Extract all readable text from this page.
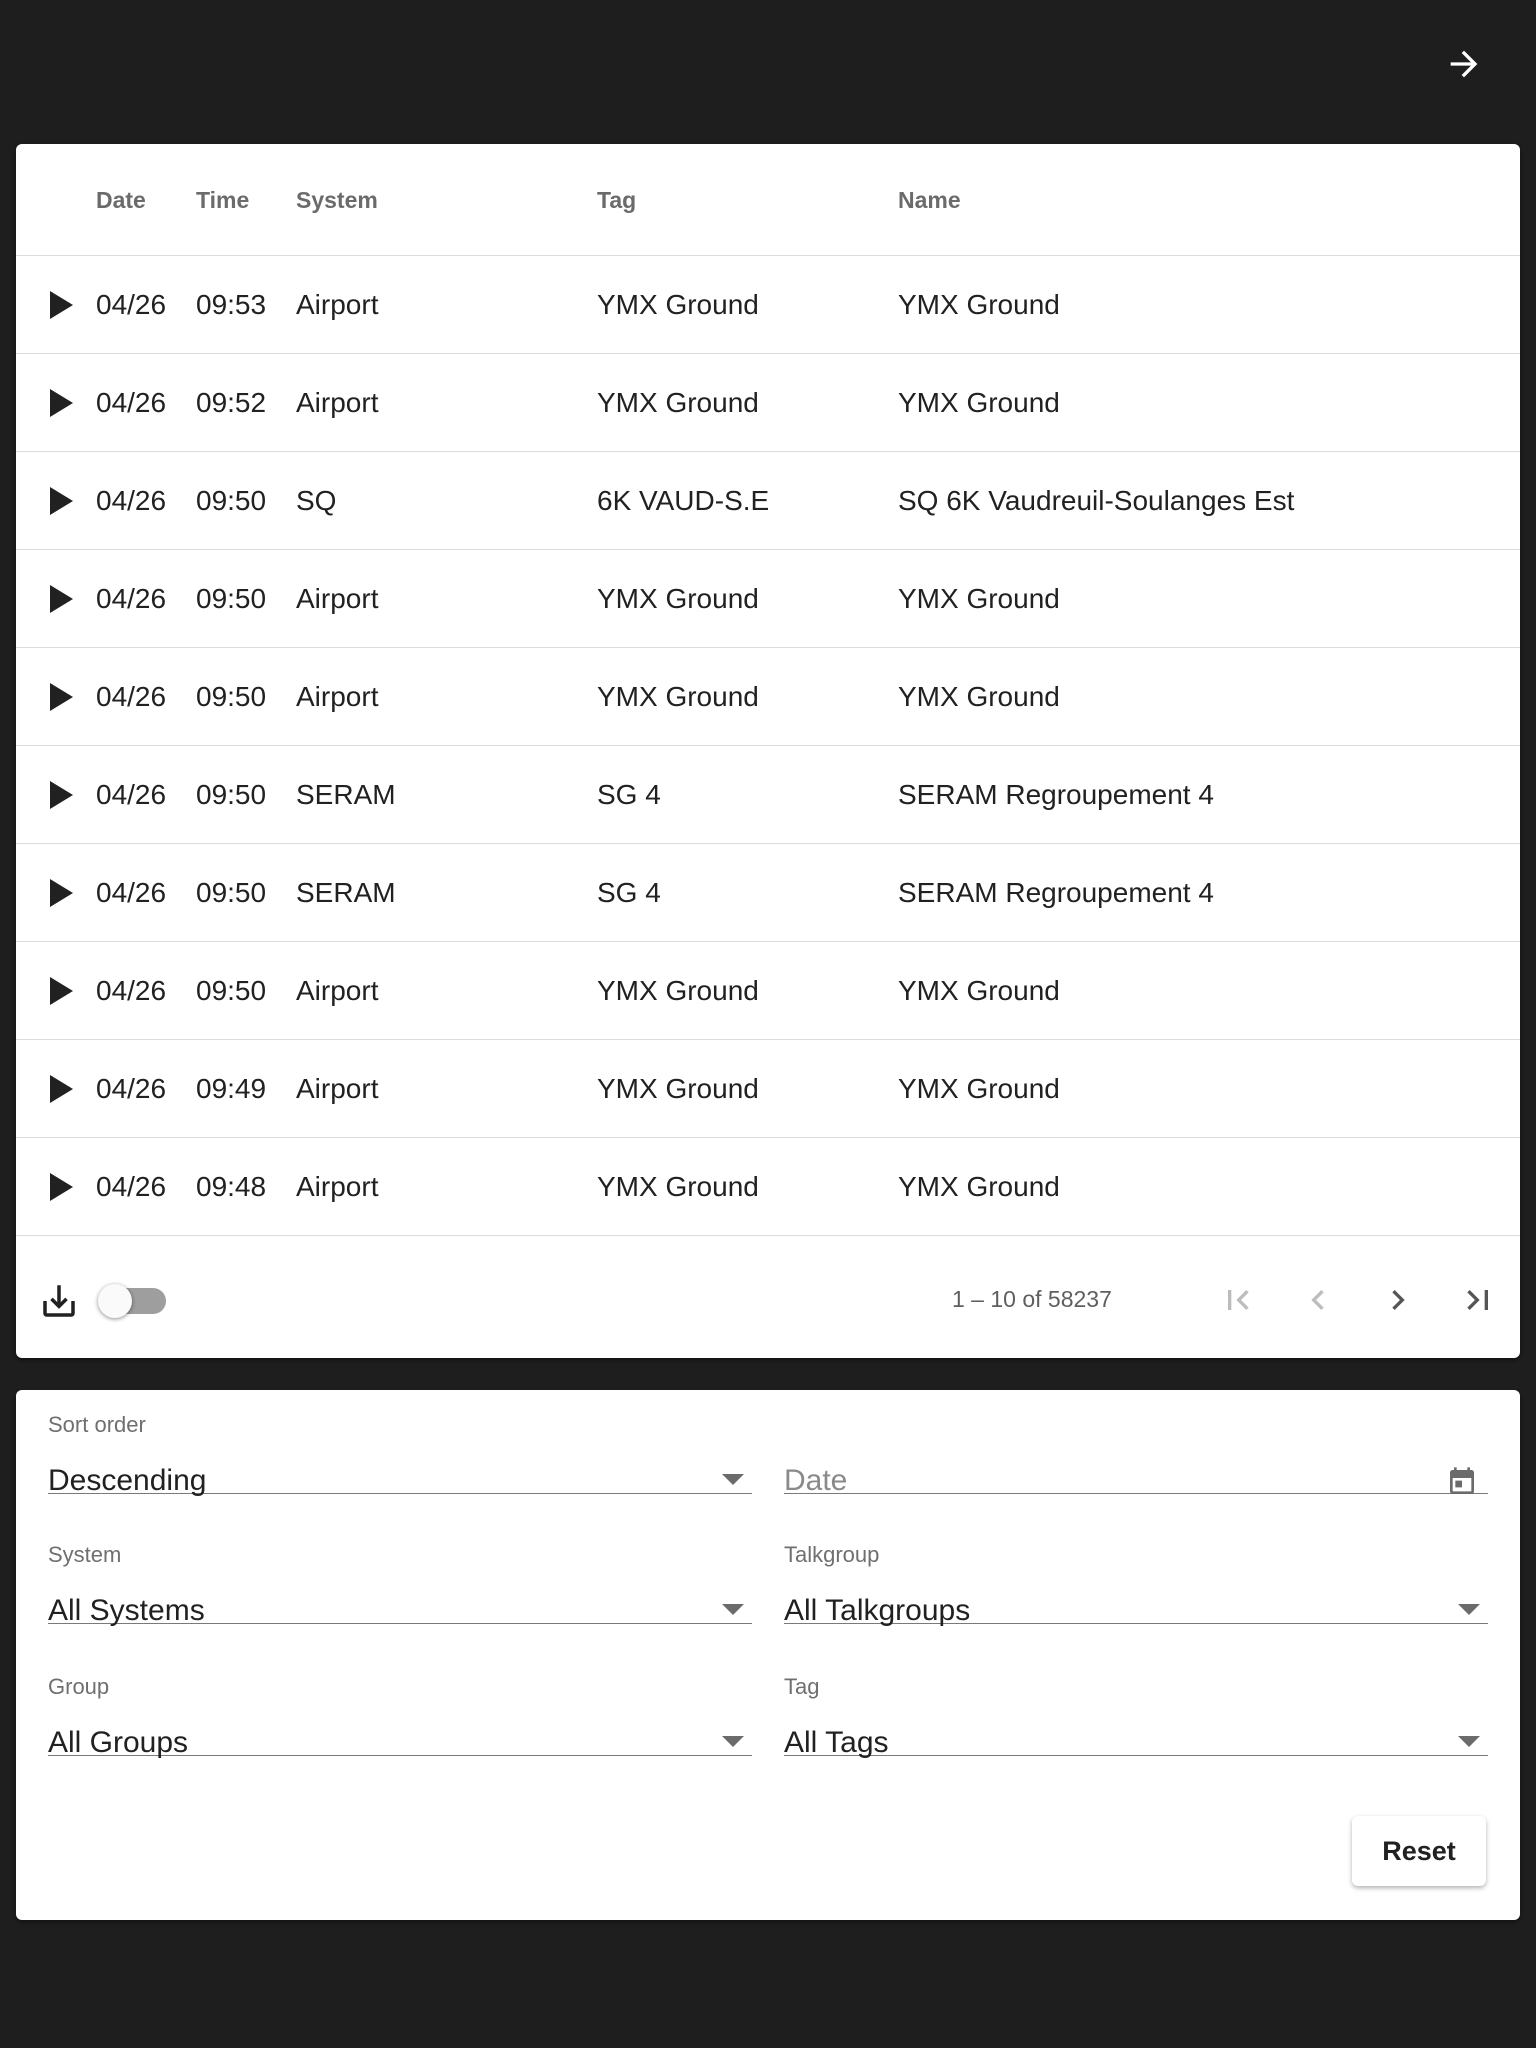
Date Time System	Tag	Name
04/26 09:53 Airport	YMX Ground	YMX Ground
04/26 09:52 Airport	YMX Ground	YMX Ground
04/26 09:50 SQ	6K VAUD-S.E	SQ 6K Vaudreuil-Soulanges Est
04/26 09:50 Airport	YMX Ground	YMX Ground
04/26 09:50 Airport	YMX Ground	YMX Ground
04/26 09:50 SERAM	SG 4	SERAM Regroupement 4
04/26 09:50 SERAM	SG 4	SERAM Regroupement 4
04/26 09:50 Airport	YMX Ground	YMX Ground
04/26 09:49 Airport	YMX Ground	YMX Ground
04/26 09:48 Airport	YMX Ground	YMX Ground
1 – 10 of 58237
Sort order
Descending	Date
System
All Systems
Talkgroup
All Talkgroups
Group
All Groups
Tag
All Tags
Reset
